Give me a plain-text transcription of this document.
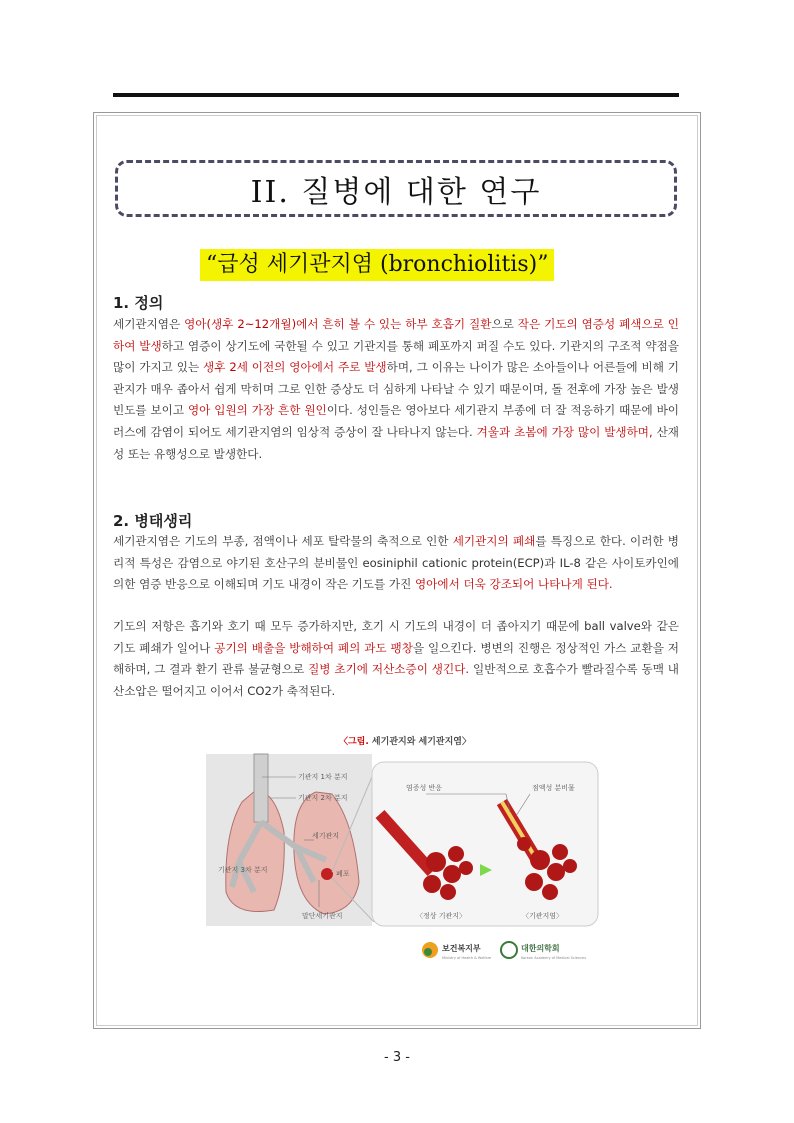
II. 질병에 대한 연구
“급성 세기관지염 (bronchiolitis)”
1. 정의
세기관지염은 영아(생후 2~12개월)에서 흔히 볼 수 있는 하부 호흡기 질환으로 작은 기도의 염증성 폐색으로 인하여 발생하고 염증이 상기도에 국한될 수 있고 기관지를 통해 폐포까지 퍼질 수도 있다. 기관지의 구조적 약점을 많이 가지고 있는 생후 2세 이전의 영아에서 주로 발생하며, 그 이유는 나이가 많은 소아들이나 어른들에 비해 기관지가 매우 좁아서 쉽게 막히며 그로 인한 증상도 더 심하게 나타날 수 있기 때문이며, 돌 전후에 가장 높은 발생 빈도를 보이고 영아 입원의 가장 흔한 원인이다. 성인들은 영아보다 세기관지 부종에 더 잘 적응하기 때문에 바이러스에 감염이 되어도 세기관지염의 임상적 증상이 잘 나타나지 않는다. 겨울과 초봄에 가장 많이 발생하며, 산재성 또는 유행성으로 발생한다.
2. 병태생리
세기관지염은 기도의 부종, 점액이나 세포 탈락물의 축적으로 인한 세기관지의 폐쇄를 특징으로 한다. 이러한 병리적 특성은 감염으로 야기된 호산구의 분비물인 eosiniphil cationic protein(ECP)과 IL-8 같은 사이토카인에 의한 염증 반응으로 이해되며 기도 내경이 작은 기도를 가진 영아에서 더욱 강조되어 나타나게 된다.
기도의 저항은 흡기와 호기 때 모두 증가하지만, 호기 시 기도의 내경이 더 좁아지기 때문에 ball valve와 같은 기도 폐쇄가 일어나 공기의 배출을 방해하여 폐의 과도 팽창을 일으킨다. 병변의 진행은 정상적인 가스 교환을 저해하며, 그 결과 환기 관류 불균형으로 질병 초기에 저산소증이 생긴다. 일반적으로 호흡수가 빨라질수록 동맥 내 산소압은 떨어지고 이어서 CO2가 축적된다.
〈그림. 세기관지와 세기관지염〉
기관지 1차 분지
기관지 2차 분지
세기관지
기관지 3차 분지	폐포
말단세기관지
염증성 반응	점액성 분비물
〈정상 기관지〉	〈기관지염〉
보건복지부
Ministry of Health & Welfare
대한의학회
Korean Academy of Medical Sciences
- 3 -
